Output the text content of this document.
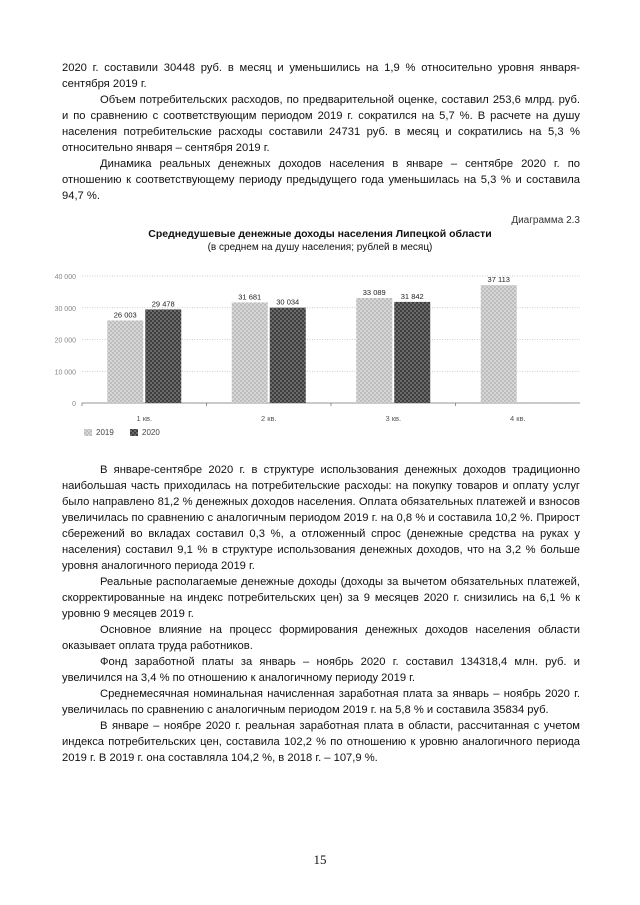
2020 г. составили 30448 руб. в месяц и уменьшились на 1,9 % относительно уровня января-сентября 2019 г.

Объем потребительских расходов, по предварительной оценке, составил 253,6 млрд. руб. и по сравнению с соответствующим периодом 2019 г. сократился на 5,7 %. В расчете на душу населения потребительские расходы составили 24731 руб. в месяц и сократились на 5,3 % относительно января – сентября 2019 г.

Динамика реальных денежных доходов населения в январе – сентябре 2020 г. по отношению к соответствующему периоду предыдущего года уменьшилась на 5,3 % и составила 94,7 %.

Диаграмма 2.3
Среднедушевые денежные доходы населения Липецкой области
(в среднем на душу населения; рублей в месяц)
0
10 000
20 000
30 000
40 000
26 003
29 478
1 кв.
31 681
30 034
2 кв.
33 089 31 842
3 кв.
37 113
4 кв.
2019	2020

В январе-сентябре 2020 г. в структуре использования денежных доходов традиционно наибольшая часть приходилась на потребительские расходы: на покупку товаров и оплату услуг было направлено 81,2 % денежных доходов населения. Оплата обязательных платежей и взносов увеличилась по сравнению с аналогичным периодом 2019 г. на 0,8 % и составила 10,2 %. Прирост сбережений во вкладах составил 0,3 %, а отложенный спрос (денежные средства на руках у населения) составил 9,1 % в структуре использования денежных доходов, что на 3,2 % больше уровня аналогичного периода 2019 г.

Реальные располагаемые денежные доходы (доходы за вычетом обязательных платежей, скорректированные на индекс потребительских цен) за 9 месяцев 2020 г. снизились на 6,1 % к уровню 9 месяцев 2019 г.

Основное влияние на процесс формирования денежных доходов населения области оказывает оплата труда работников.

Фонд заработной платы за январь – ноябрь 2020 г. составил 134318,4 млн. руб. и увеличился на 3,4 % по отношению к аналогичному периоду 2019 г.

Среднемесячная номинальная начисленная заработная плата за январь – ноябрь 2020 г. увеличилась по сравнению с аналогичным периодом 2019 г. на 5,8 % и составила 35834 руб.

В январе – ноябре 2020 г. реальная заработная плата в области, рассчитанная с учетом индекса потребительских цен, составила 102,2 % по отношению к уровню аналогичного периода 2019 г. В 2019 г. она составляла 104,2 %, в 2018 г. – 107,9 %.

15
